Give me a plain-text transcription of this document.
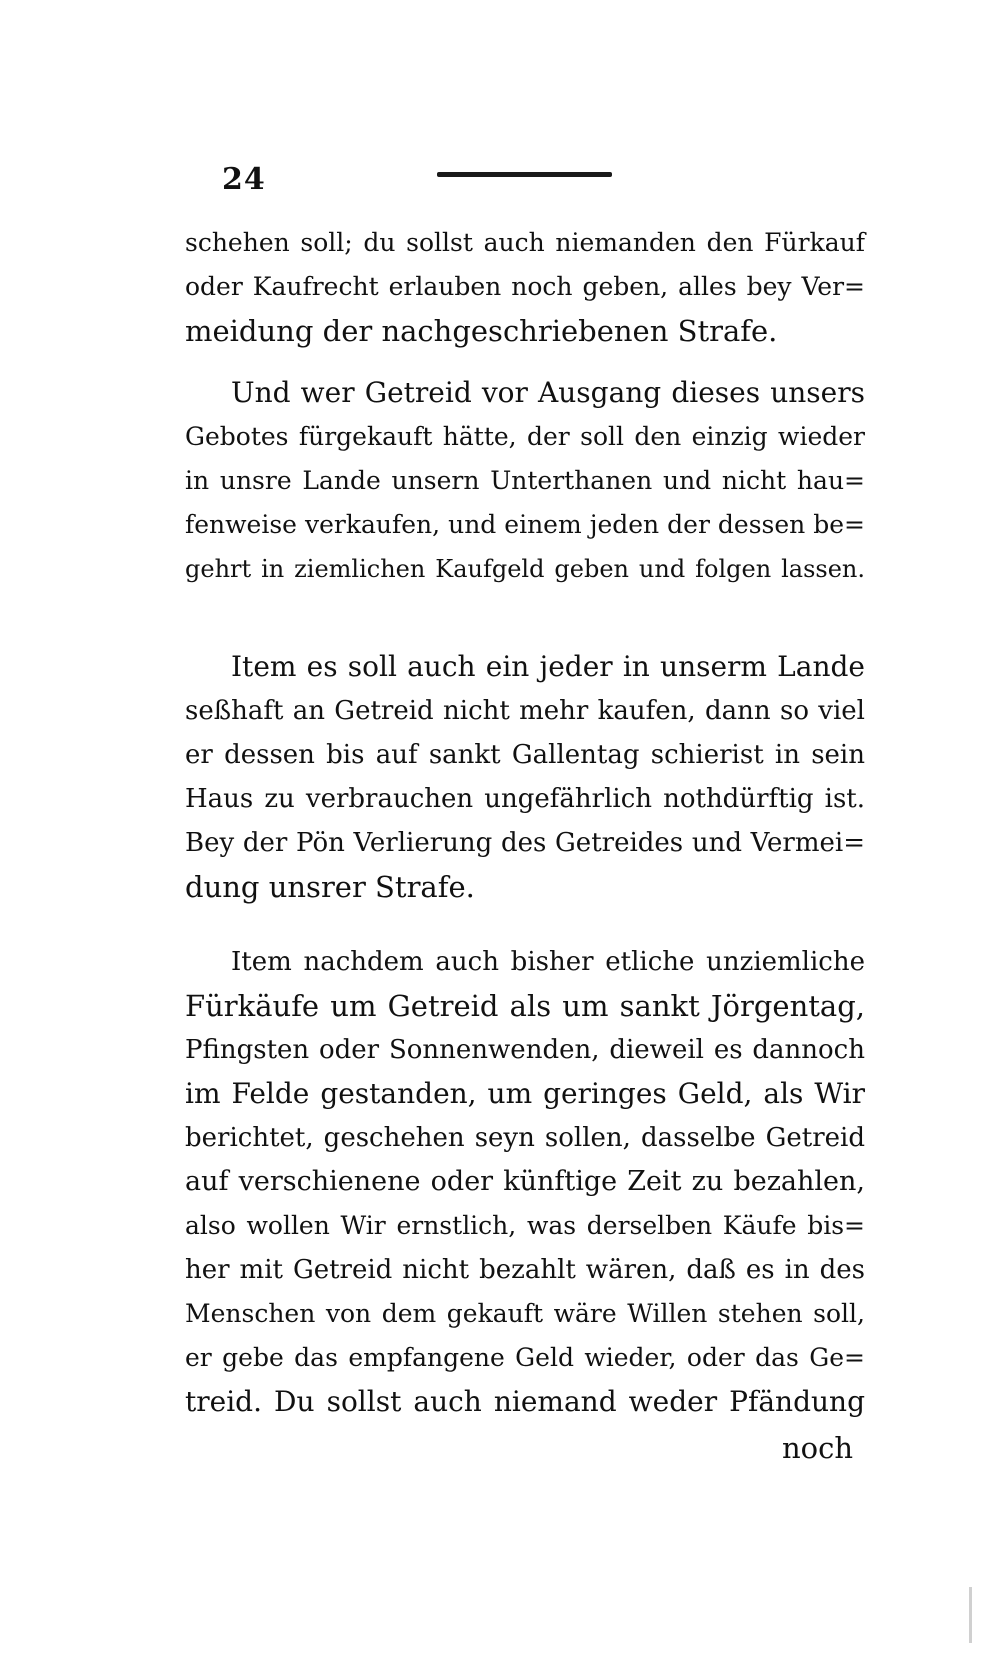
24
schehen soll; du sollst auch niemanden den Fürkauf
oder Kaufrecht erlauben noch geben, alles bey Ver=
meidung der nachgeschriebenen Strafe.
Und wer Getreid vor Ausgang dieses unsers
Gebotes fürgekauft hätte, der soll den einzig wieder
in unsre Lande unsern Unterthanen und nicht hau=
fenweise verkaufen, und einem jeden der dessen be=
gehrt in ziemlichen Kaufgeld geben und folgen lassen.
Item es soll auch ein jeder in unserm Lande
seßhaft an Getreid nicht mehr kaufen, dann so viel
er dessen bis auf sankt Gallentag schierist in sein
Haus zu verbrauchen ungefährlich nothdürftig ist.
Bey der Pön Verlierung des Getreides und Vermei=
dung unsrer Strafe.
Item nachdem auch bisher etliche unziemliche
Fürkäufe um Getreid als um sankt Jörgentag,
Pfingsten oder Sonnenwenden, dieweil es dannoch
im Felde gestanden, um geringes Geld, als Wir
berichtet, geschehen seyn sollen, dasselbe Getreid
auf verschienene oder künftige Zeit zu bezahlen,
also wollen Wir ernstlich, was derselben Käufe bis=
her mit Getreid nicht bezahlt wären, daß es in des
Menschen von dem gekauft wäre Willen stehen soll,
er gebe das empfangene Geld wieder, oder das Ge=
treid. Du sollst auch niemand weder Pfändung
noch
